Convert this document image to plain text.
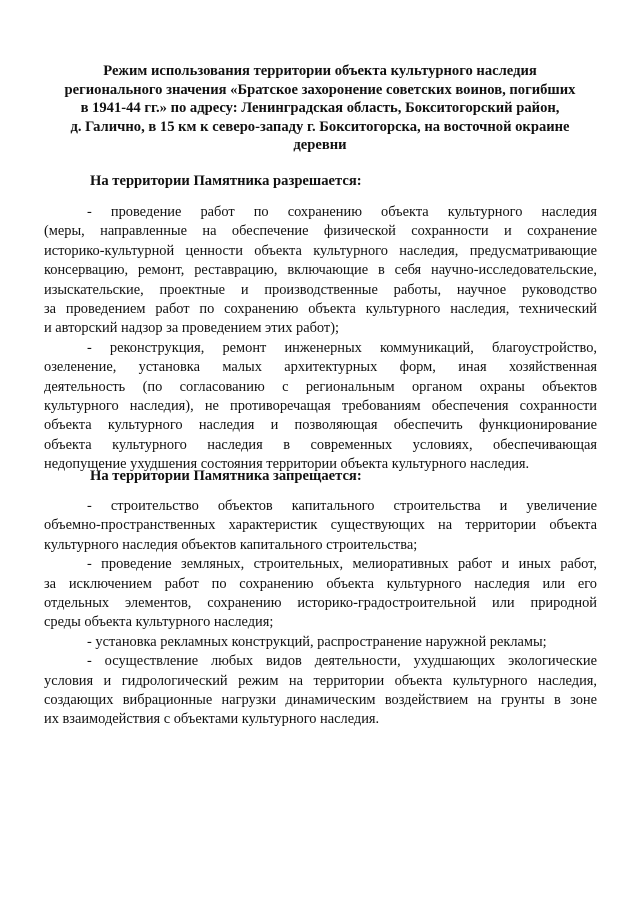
Режим использования территории объекта культурного наследия
регионального значения «Братское захоронение советских воинов, погибших
в 1941-44 гг.» по адресу: Ленинградская область, Бокситогорский район,
д. Галично, в 15 км к северо-западу г. Бокситогорска, на восточной окраине
деревни
На территории Памятника разрешается:
- проведение работ по сохранению объекта культурного наследия
(меры, направленные на обеспечение физической сохранности и сохранение
историко-культурной ценности объекта культурного наследия, предусматривающие
консервацию, ремонт, реставрацию, включающие в себя научно-исследовательские,
изыскательские, проектные и производственные работы, научное руководство
за проведением работ по сохранению объекта культурного наследия, технический
и авторский надзор за проведением этих работ);
- реконструкция, ремонт инженерных коммуникаций, благоустройство,
озеленение, установка малых архитектурных форм, иная хозяйственная
деятельность (по согласованию с региональным органом охраны объектов
культурного наследия), не противоречащая требованиям обеспечения сохранности
объекта культурного наследия и позволяющая обеспечить функционирование
объекта культурного наследия в современных условиях, обеспечивающая
недопущение ухудшения состояния территории объекта культурного наследия.
На территории Памятника запрещается:
- строительство объектов капитального строительства и увеличение
объемно-пространственных характеристик существующих на территории объекта
культурного наследия объектов капитального строительства;
- проведение земляных, строительных, мелиоративных работ и иных работ,
за исключением работ по сохранению объекта культурного наследия или его
отдельных элементов, сохранению историко-градостроительной или природной
среды объекта культурного наследия;
- установка рекламных конструкций, распространение наружной рекламы;
- осуществление любых видов деятельности, ухудшающих экологические
условия и гидрологический режим на территории объекта культурного наследия,
создающих вибрационные нагрузки динамическим воздействием на грунты в зоне
их взаимодействия с объектами культурного наследия.
